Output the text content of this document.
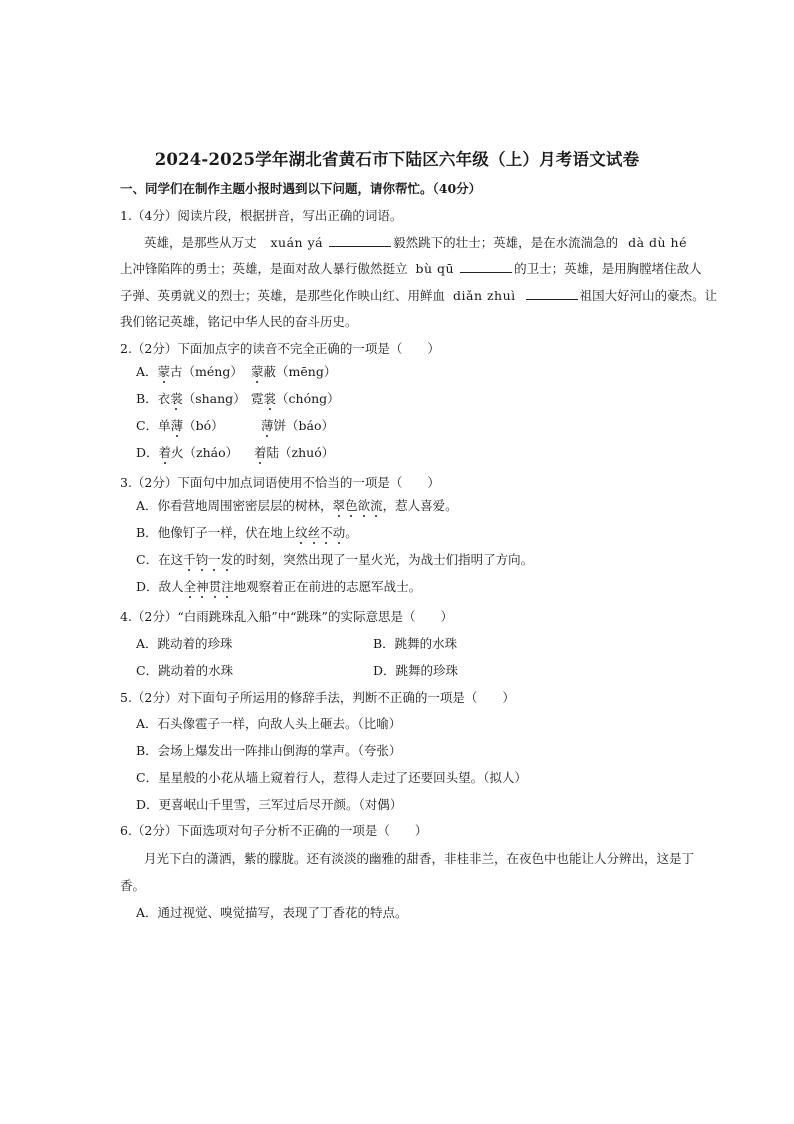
2024-2025学年湖北省黄石市下陆区六年级（上）月考语文试卷
一、同学们在制作主题小报时遇到以下问题，请你帮忙。（40分）
1.（4分）阅读片段，根据拼音，写出正确的词语。
英雄，是那些从万丈 xuán yá	毅然跳下的壮士；英雄，是在水流湍急的 dà dù hé
上冲锋陷阵的勇士；英雄，是面对敌人暴行傲然挺立 bù qū	的卫士；英雄，是用胸膛堵住敌人
子弹、英勇就义的烈士；英雄，是那些化作映山红、用鲜血 diǎn zhuì	祖国大好河山的豪杰。让
我们铭记英雄，铭记中华人民的奋斗历史。
2.（2分）下面加点字的读音不完全正确的一项是（　　）
A．蒙古（méng） 蒙蔽（mēng）
B．衣裳（shang） 霓裳（chóng）
C．单薄（bó）	薄饼（báo）
D．着火（zháo） 着陆（zhuó）
3.（2分）下面句中加点词语使用不恰当的一项是（　　）
A．你看营地周围密密层层的树林，翠色欲流，惹人喜爱。
B．他像钉子一样，伏在地上纹丝不动。
C．在这千钧一发的时刻，突然出现了一星火光，为战士们指明了方向。
D．敌人全神贯注地观察着正在前进的志愿军战士。
4.（2分）“白雨跳珠乱入船”中“跳珠”的实际意思是（　　）
A．跳动着的珍珠	B．跳舞的水珠
C．跳动着的水珠	D．跳舞的珍珠
5.（2分）对下面句子所运用的修辞手法，判断不正确的一项是（　　）
A．石头像雹子一样，向敌人头上砸去。（比喻）
B．会场上爆发出一阵排山倒海的掌声。（夸张）
C．星星般的小花从墙上窥着行人，惹得人走过了还要回头望。（拟人）
D．更喜岷山千里雪，三军过后尽开颜。（对偶）
6.（2分）下面选项对句子分析不正确的一项是（　　）
月光下白的潇洒，紫的朦胧。还有淡淡的幽雅的甜香，非桂非兰，在夜色中也能让人分辨出，这是丁
香。
A．通过视觉、嗅觉描写，表现了丁香花的特点。
